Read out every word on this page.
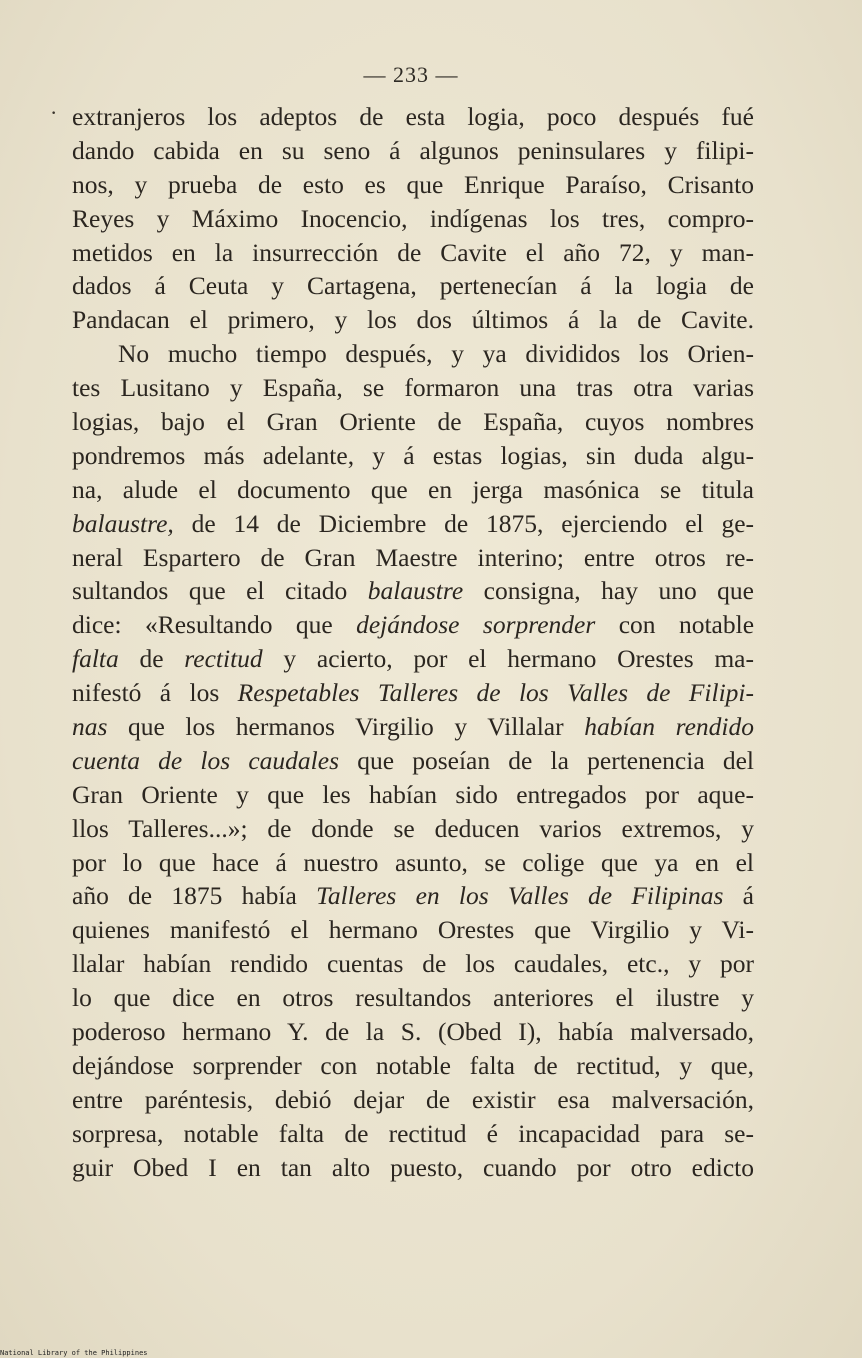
— 233 —
· extranjeros los adeptos de esta logia, poco después fué
dando cabida en su seno á algunos peninsulares y filipi-
nos, y prueba de esto es que Enrique Paraíso, Crisanto
Reyes y Máximo Inocencio, indígenas los tres, compro-
metidos en la insurrección de Cavite el año 72, y man-
dados á Ceuta y Cartagena, pertenecían á la logia de
Pandacan el primero, y los dos últimos á la de Cavite.
No mucho tiempo después, y ya divididos los Orien-
tes Lusitano y España, se formaron una tras otra varias
logias, bajo el Gran Oriente de España, cuyos nombres
pondremos más adelante, y á estas logias, sin duda algu-
na, alude el documento que en jerga masónica se titula
balaustre, de 14 de Diciembre de 1875, ejerciendo el ge-
neral Espartero de Gran Maestre interino; entre otros re-
sultandos que el citado balaustre consigna, hay uno que
dice: «Resultando que dejándose sorprender con notable
falta de rectitud y acierto, por el hermano Orestes ma-
nifestó á los Respetables Talleres de los Valles de Filipi-
nas que los hermanos Virgilio y Villalar habían rendido
cuenta de los caudales que poseían de la pertenencia del
Gran Oriente y que les habían sido entregados por aque-
llos Talleres...»; de donde se deducen varios extremos, y
por lo que hace á nuestro asunto, se colige que ya en el
año de 1875 había Talleres en los Valles de Filipinas á
quienes manifestó el hermano Orestes que Virgilio y Vi-
llalar habían rendido cuentas de los caudales, etc., y por
lo que dice en otros resultandos anteriores el ilustre y
poderoso hermano Y. de la S. (Obed I), había malversado,
dejándose sorprender con notable falta de rectitud, y que,
entre paréntesis, debió dejar de existir esa malversación,
sorpresa, notable falta de rectitud é incapacidad para se-
guir Obed I en tan alto puesto, cuando por otro edicto
National Library of the Philippines
